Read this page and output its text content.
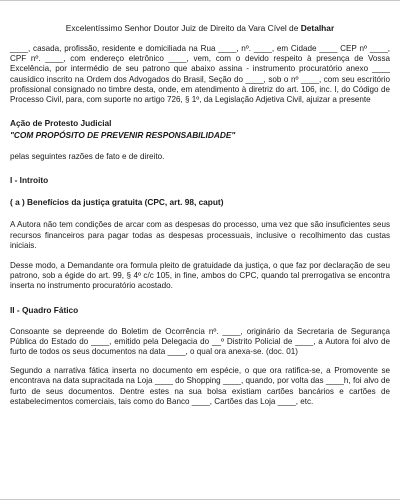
Excelentíssimo Senhor Doutor Juiz de Direito da Vara Cível de Detalhar

____, casada, profissão, residente e domiciliada na Rua ____, nº. ____, em Cidade ____ CEP nº ____, CPF nº. ____, com endereço eletrônico ____, vem, com o devido respeito à presença de Vossa Excelência, por intermédio de seu patrono que abaixo assina - instrumento procuratório anexo ____ causídico inscrito na Ordem dos Advogados do Brasil, Seção do ____, sob o nº ____, com seu escritório profissional consignado no timbre desta, onde, em atendimento à diretriz do art. 106, inc. I, do Código de Processo Civil, para, com suporte no artigo 726, § 1º, da Legislação Adjetiva Civil, ajuizar a presente

Ação de Protesto Judicial

"COM PROPÓSITO DE PREVENIR RESPONSABILIDADE"

pelas seguintes razões de fato e de direito.

I - Introito

( a ) Benefícios da justiça gratuita (CPC, art. 98, caput)

A Autora não tem condições de arcar com as despesas do processo, uma vez que são insuficientes seus recursos financeiros para pagar todas as despesas processuais, inclusive o recolhimento das custas iniciais.

Desse modo, a Demandante ora formula pleito de gratuidade da justiça, o que faz por declaração de seu patrono, sob a égide do art. 99, § 4º c/c 105, in fine, ambos do CPC, quando tal prerrogativa se encontra inserta no instrumento procuratório acostado.

II - Quadro Fático

Consoante se depreende do Boletim de Ocorrência nº. ____, originário da Secretaria de Segurança Pública do Estado do ____, emitido pela Delegacia do __º Distrito Policial de ____, a Autora foi alvo de furto de todos os seus documentos na data ____, o qual ora anexa-se. (doc. 01)

Segundo a narrativa fática inserta no documento em espécie, o que ora ratifica-se, a Promovente se encontrava na data supracitada na Loja ____ do Shopping ____, quando, por volta das ____h, foi alvo de furto de seus documentos. Dentre estes na sua bolsa existiam cartões bancários e cartões de estabelecimentos comerciais, tais como do Banco ____, Cartões das Loja ____, etc.
